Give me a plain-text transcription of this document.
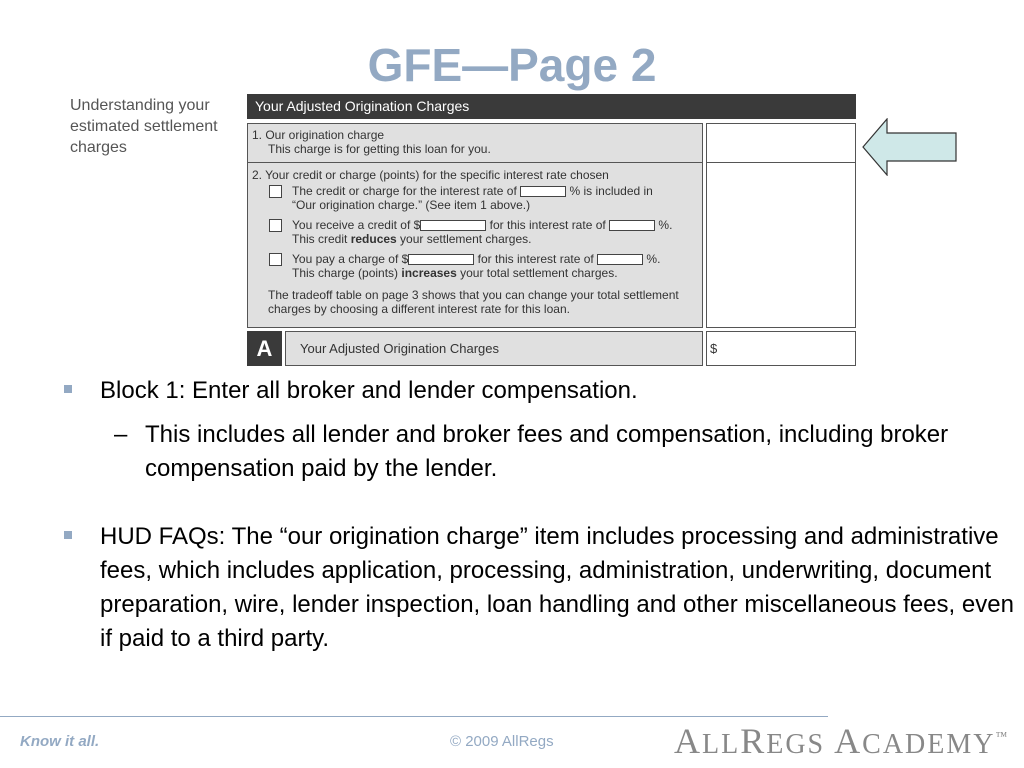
GFE—Page 2
Understanding your estimated settlement charges
Your Adjusted Origination Charges
1. Our origination charge
This charge is for getting this loan for you.
2. Your credit or charge (points) for the specific interest rate chosen
The credit or charge for the interest rate of	% is included in
“Our origination charge.” (See item 1 above.)
You receive a credit of $	for this interest rate of	%.
This credit reduces your settlement charges.
You pay a charge of $	for this interest rate of	%.
This charge (points) increases your total settlement charges.
The tradeoff table on page 3 shows that you can change your total settlement charges by choosing a different interest rate for this loan.
A	Your Adjusted Origination Charges	$
Block 1: Enter all broker and lender compensation.
– This includes all lender and broker fees and compensation, including broker compensation paid by the lender.
HUD FAQs: The “our origination charge” item includes processing and administrative fees, which includes application, processing, administration, underwriting, document preparation, wire, lender inspection, loan handling and other miscellaneous fees, even if paid to a third party.
Know it all.	© 2009 AllRegs	ALLREGS ACADEMY™
